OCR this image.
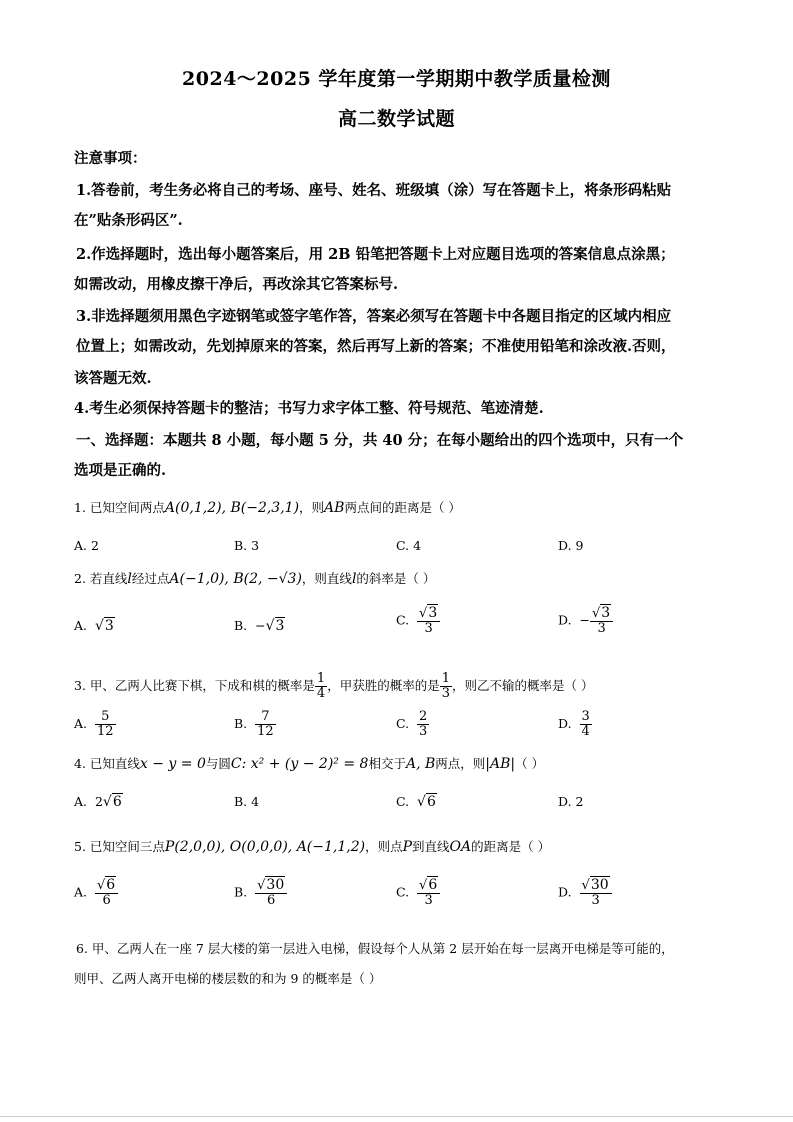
2024～2025 学年度第一学期期中教学质量检测
高二数学试题
注意事项：
1.答卷前，考生务必将自己的考场、座号、姓名、班级填（涂）写在答题卡上，将条形码粘贴
在”贴条形码区”.
2.作选择题时，选出每小题答案后，用 2B 铅笔把答题卡上对应题目选项的答案信息点涂黑；
如需改动，用橡皮擦干净后，再改涂其它答案标号.
3.非选择题须用黑色字迹钢笔或签字笔作答，答案必须写在答题卡中各题目指定的区域内相应
位置上；如需改动，先划掉原来的答案，然后再写上新的答案；不准使用铅笔和涂改液.否则，
该答题无效.
4.考生必须保持答题卡的整洁；书写力求字体工整、符号规范、笔迹清楚.
一、选择题：本题共 8 小题，每小题 5 分，共 40 分；在每小题给出的四个选项中，只有一个
选项是正确的.
1. 已知空间两点A(0,1,2), B(−2,3,1)，则AB两点间的距离是（ ）
A. 2	B. 3	C. 4	D. 9
2. 若直线l经过点A(−1,0), B(2, −√3)，则直线l的斜率是（ ）
A. √3	B. −√3	C. $\frac{√3}{3}$	D. − $\frac{√3}{3}$
3. 甲、乙两人比赛下棋，下成和棋的概率是 $\frac{1}{4}$ ，甲获胜的概率的是 $\frac{1}{3}$ ，则乙不输的概率是（ ）
A. $\frac{5}{12}$	B. $\frac{7}{12}$	C. $\frac{2}{3}$	D. $\frac{3}{4}$
4. 已知直线x − y = 0与圆C: x² + (y − 2)² = 8相交于A, B两点，则|AB|（ ）
A. 2√6	B. 4	C. √6	D. 2
5. 已知空间三点P(2,0,0), O(0,0,0), A(−1,1,2)，则点P到直线OA的距离是（ ）
A. $\frac{√6}{6}$	B. $\frac{√30}{6}$	C. $\frac{√6}{3}$	D. $\frac{√30}{3}$
6. 甲、乙两人在一座 7 层大楼的第一层进入电梯，假设每个人从第 2 层开始在每一层离开电梯是等可能的，
则甲、乙两人离开电梯的楼层数的和为 9 的概率是（ ）
